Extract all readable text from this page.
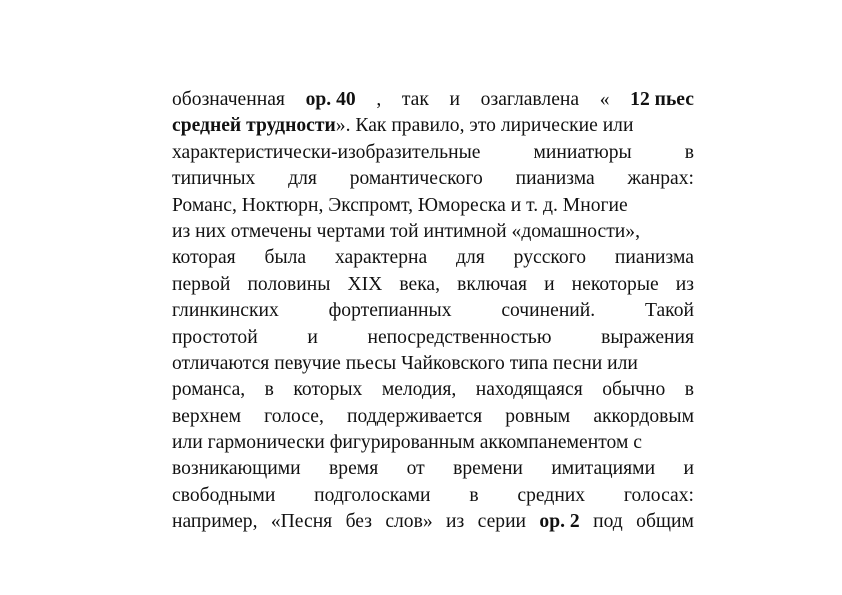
обозначенная ор. 40 , так и озаглавлена « 12 пьес
средней трудности ». Как правило, это лирические или
характеристически-изобразительные	миниатюры	в
типичных для романтического пианизма жанрах:
Романс, Ноктюрн, Экспромт, Юмореска и т. д. Многие
из них отмечены чертами той интимной «домашности»,
которая была характерна для русского пианизма
первой половины XIX века, включая и некоторые из
глинкинских	фортепианных	сочинений.	Такой
простотой	и	непосредственностью	выражения
отличаются певучие пьесы Чайковского типа песни или
романса, в которых мелодия, находящаяся обычно в
верхнем голосе, поддерживается ровным аккордовым
или гармонически фигурированным аккомпанементом с
возникающими время от времени имитациями и
свободными подголосками в средних голосах:
например, «Песня без слов» из серии ор. 2 под общим
